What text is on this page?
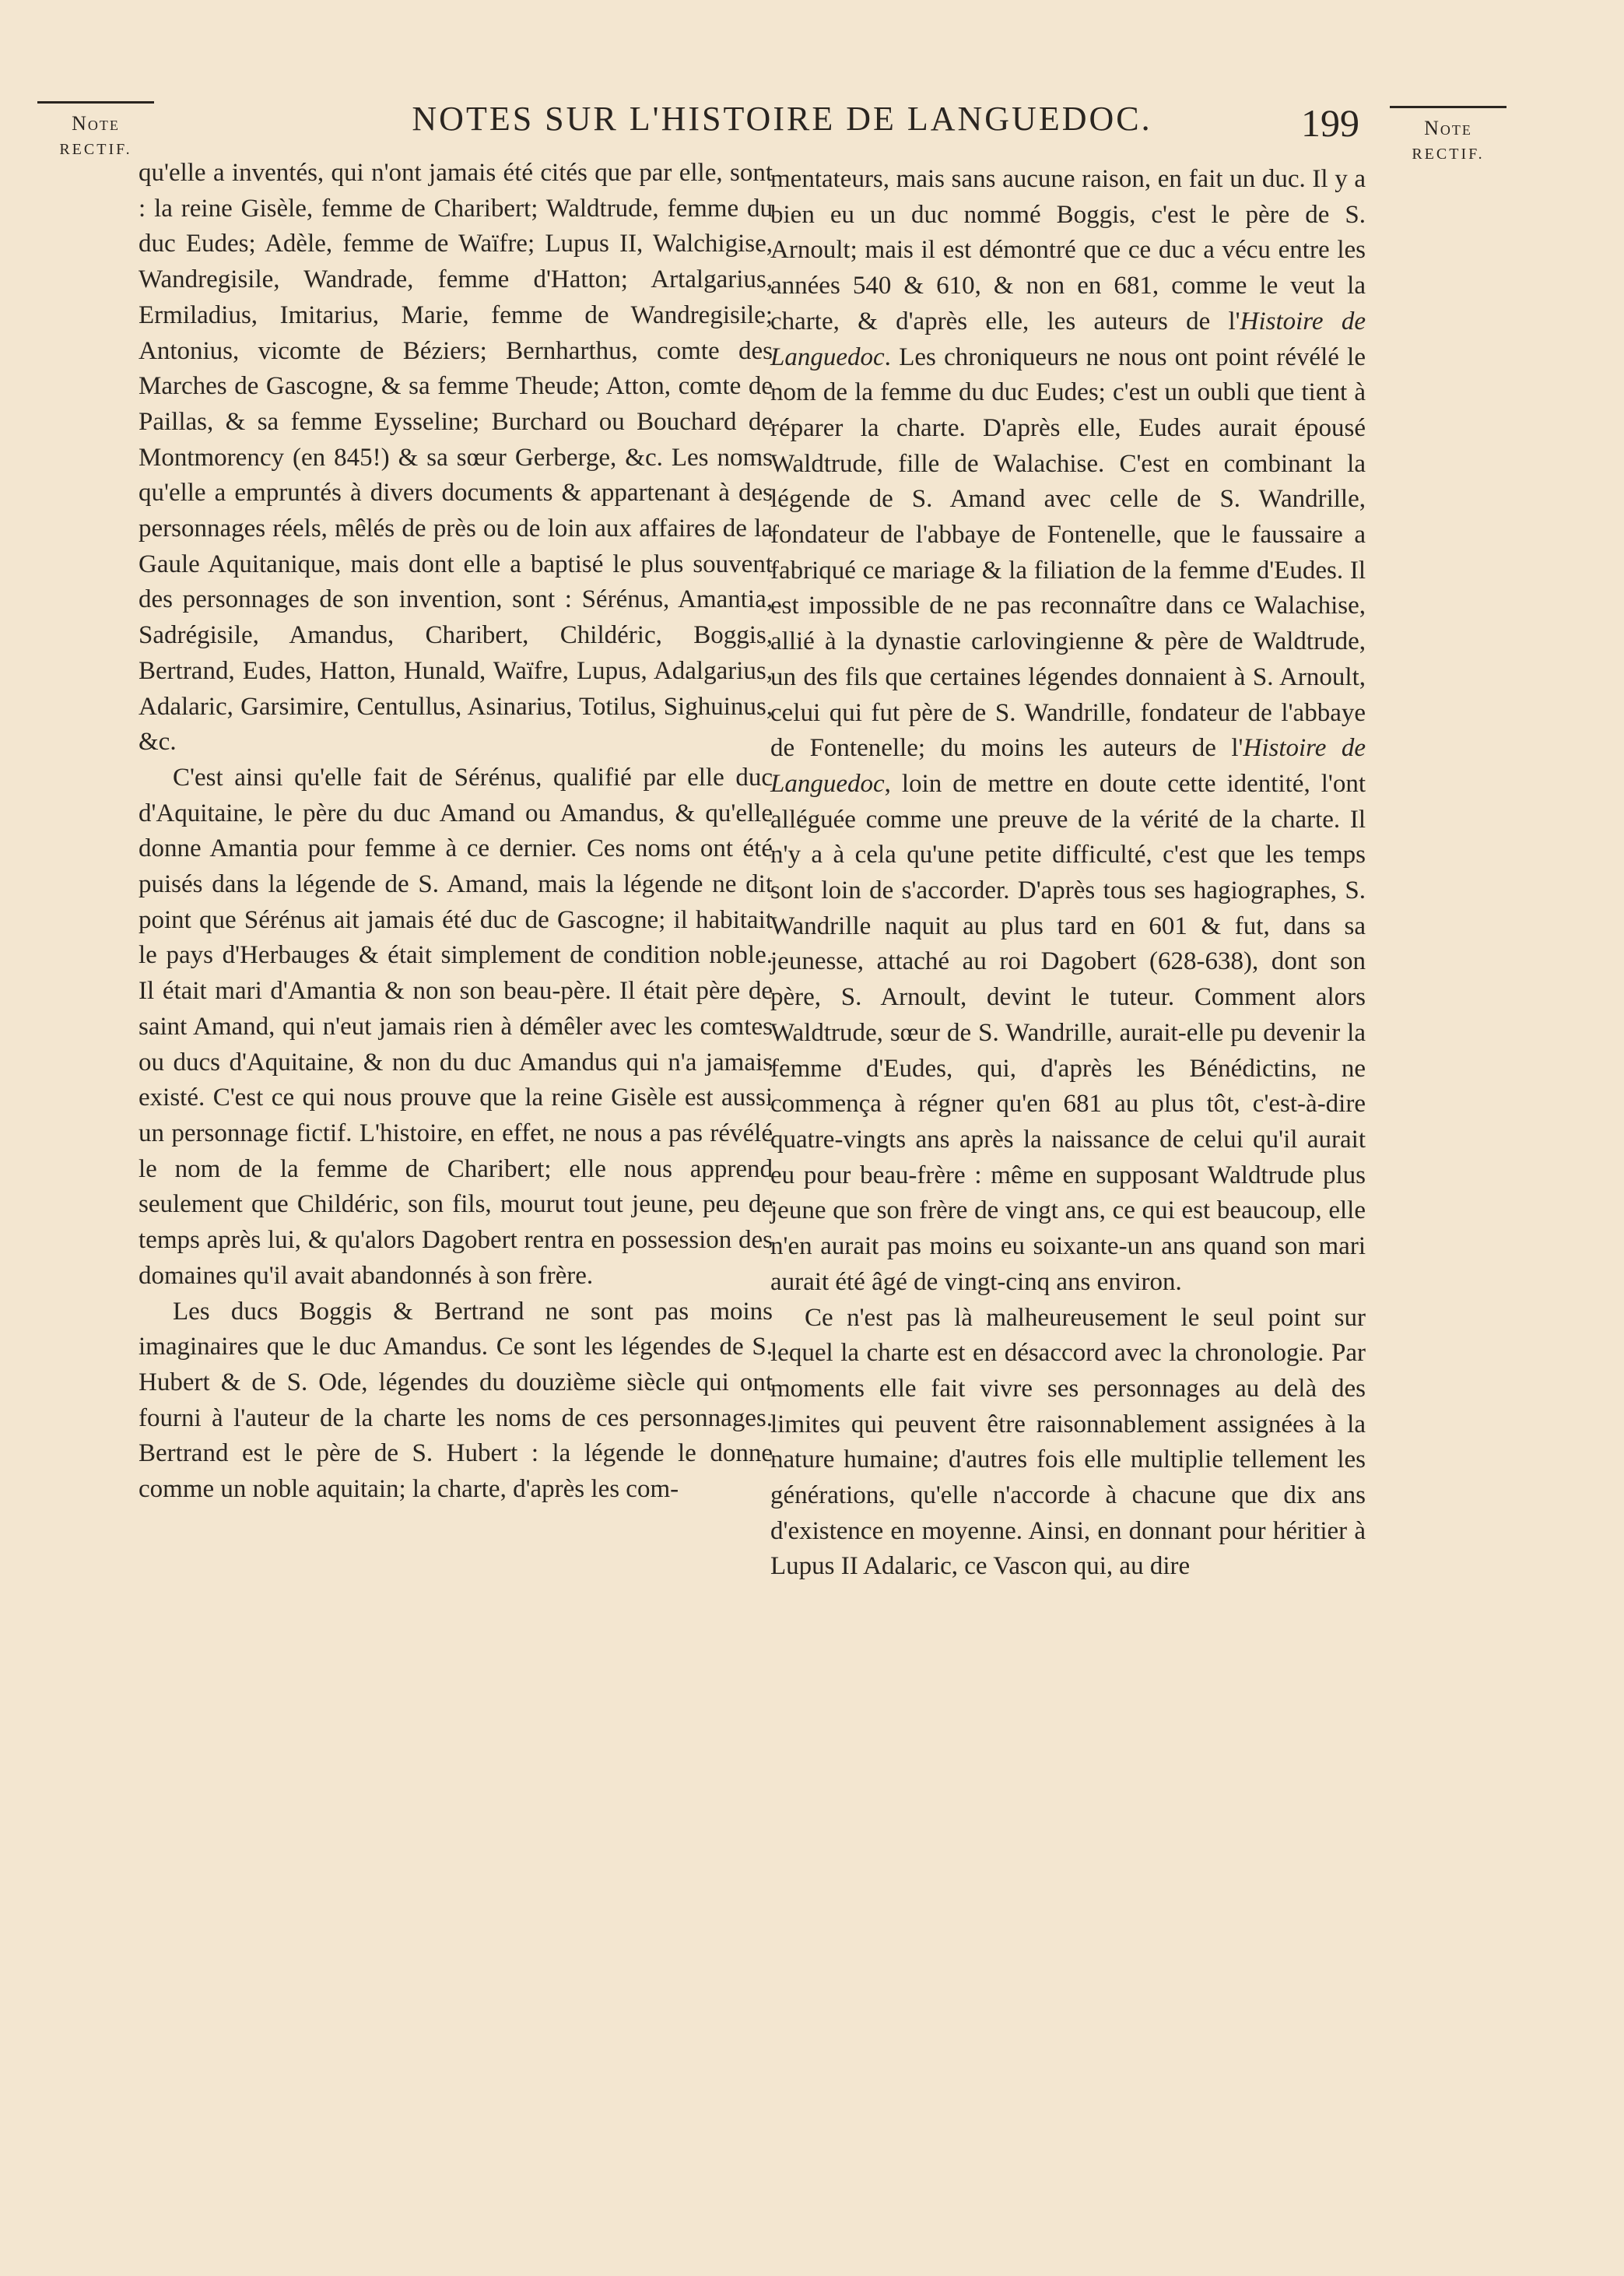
NOTES SUR L'HISTOIRE DE LANGUEDOC.	199
Note
RECTIF.
Note
RECTIF.

qu'elle a inventés, qui n'ont jamais été cités que par elle, sont : la reine Gisèle, femme de Charibert; Waldtrude, femme du duc Eudes; Adèle, femme de Waïfre; Lupus II, Walchigise, Wandregisile, Wandrade, femme d'Hatton; Artalgarius, Ermiladius, Imitarius, Marie, femme de Wandregisile; Antonius, vicomte de Béziers; Bernharthus, comte des Marches de Gascogne, & sa femme Theude; Atton, comte de Paillas, & sa femme Eysseline; Burchard ou Bouchard de Montmorency (en 845!) & sa sœur Gerberge, &c. Les noms qu'elle a empruntés à divers documents & appartenant à des personnages réels, mêlés de près ou de loin aux affaires de la Gaule Aquitanique, mais dont elle a baptisé le plus souvent des personnages de son invention, sont : Sérénus, Amantia, Sadrégisile, Amandus, Charibert, Childéric, Boggis, Bertrand, Eudes, Hatton, Hunald, Waïfre, Lupus, Adalgarius, Adalaric, Garsimire, Centullus, Asinarius, Totilus, Sighuinus, &c.

C'est ainsi qu'elle fait de Sérénus, qualifié par elle duc d'Aquitaine, le père du duc Amand ou Amandus, & qu'elle donne Amantia pour femme à ce dernier. Ces noms ont été puisés dans la légende de S. Amand, mais la légende ne dit point que Sérénus ait jamais été duc de Gascogne; il habitait le pays d'Herbauges & était simplement de condition noble. Il était mari d'Amantia & non son beau-père. Il était père de saint Amand, qui n'eut jamais rien à démêler avec les comtes ou ducs d'Aquitaine, & non du duc Amandus qui n'a jamais existé. C'est ce qui nous prouve que la reine Gisèle est aussi un personnage fictif. L'histoire, en effet, ne nous a pas révélé le nom de la femme de Charibert; elle nous apprend seulement que Childéric, son fils, mourut tout jeune, peu de temps après lui, & qu'alors Dagobert rentra en possession des domaines qu'il avait abandonnés à son frère.

Les ducs Boggis & Bertrand ne sont pas moins imaginaires que le duc Amandus. Ce sont les légendes de S. Hubert & de S. Ode, légendes du douzième siècle qui ont fourni à l'auteur de la charte les noms de ces personnages. Bertrand est le père de S. Hubert : la légende le donne comme un noble aquitain; la charte, d'après les com-

mentateurs, mais sans aucune raison, en fait un duc. Il y a bien eu un duc nommé Boggis, c'est le père de S. Arnoult; mais il est démontré que ce duc a vécu entre les années 540 & 610, & non en 681, comme le veut la charte, & d'après elle, les auteurs de l'Histoire de Languedoc. Les chroniqueurs ne nous ont point révélé le nom de la femme du duc Eudes; c'est un oubli que tient à réparer la charte. D'après elle, Eudes aurait épousé Waldtrude, fille de Walachise. C'est en combinant la légende de S. Amand avec celle de S. Wandrille, fondateur de l'abbaye de Fontenelle, que le faussaire a fabriqué ce mariage & la filiation de la femme d'Eudes. Il est impossible de ne pas reconnaître dans ce Walachise, allié à la dynastie carlovingienne & père de Waldtrude, un des fils que certaines légendes donnaient à S. Arnoult, celui qui fut père de S. Wandrille, fondateur de l'abbaye de Fontenelle; du moins les auteurs de l'Histoire de Languedoc, loin de mettre en doute cette identité, l'ont alléguée comme une preuve de la vérité de la charte. Il n'y a à cela qu'une petite difficulté, c'est que les temps sont loin de s'accorder. D'après tous ses hagiographes, S. Wandrille naquit au plus tard en 601 & fut, dans sa jeunesse, attaché au roi Dagobert (628-638), dont son père, S. Arnoult, devint le tuteur. Comment alors Waldtrude, sœur de S. Wandrille, aurait-elle pu devenir la femme d'Eudes, qui, d'après les Bénédictins, ne commença à régner qu'en 681 au plus tôt, c'est-à-dire quatre-vingts ans après la naissance de celui qu'il aurait eu pour beau-frère : même en supposant Waldtrude plus jeune que son frère de vingt ans, ce qui est beaucoup, elle n'en aurait pas moins eu soixante-un ans quand son mari aurait été âgé de vingt-cinq ans environ.

Ce n'est pas là malheureusement le seul point sur lequel la charte est en désaccord avec la chronologie. Par moments elle fait vivre ses personnages au delà des limites qui peuvent être raisonnablement assignées à la nature humaine; d'autres fois elle multiplie tellement les générations, qu'elle n'accorde à chacune que dix ans d'existence en moyenne. Ainsi, en donnant pour héritier à Lupus II Adalaric, ce Vascon qui, au dire
